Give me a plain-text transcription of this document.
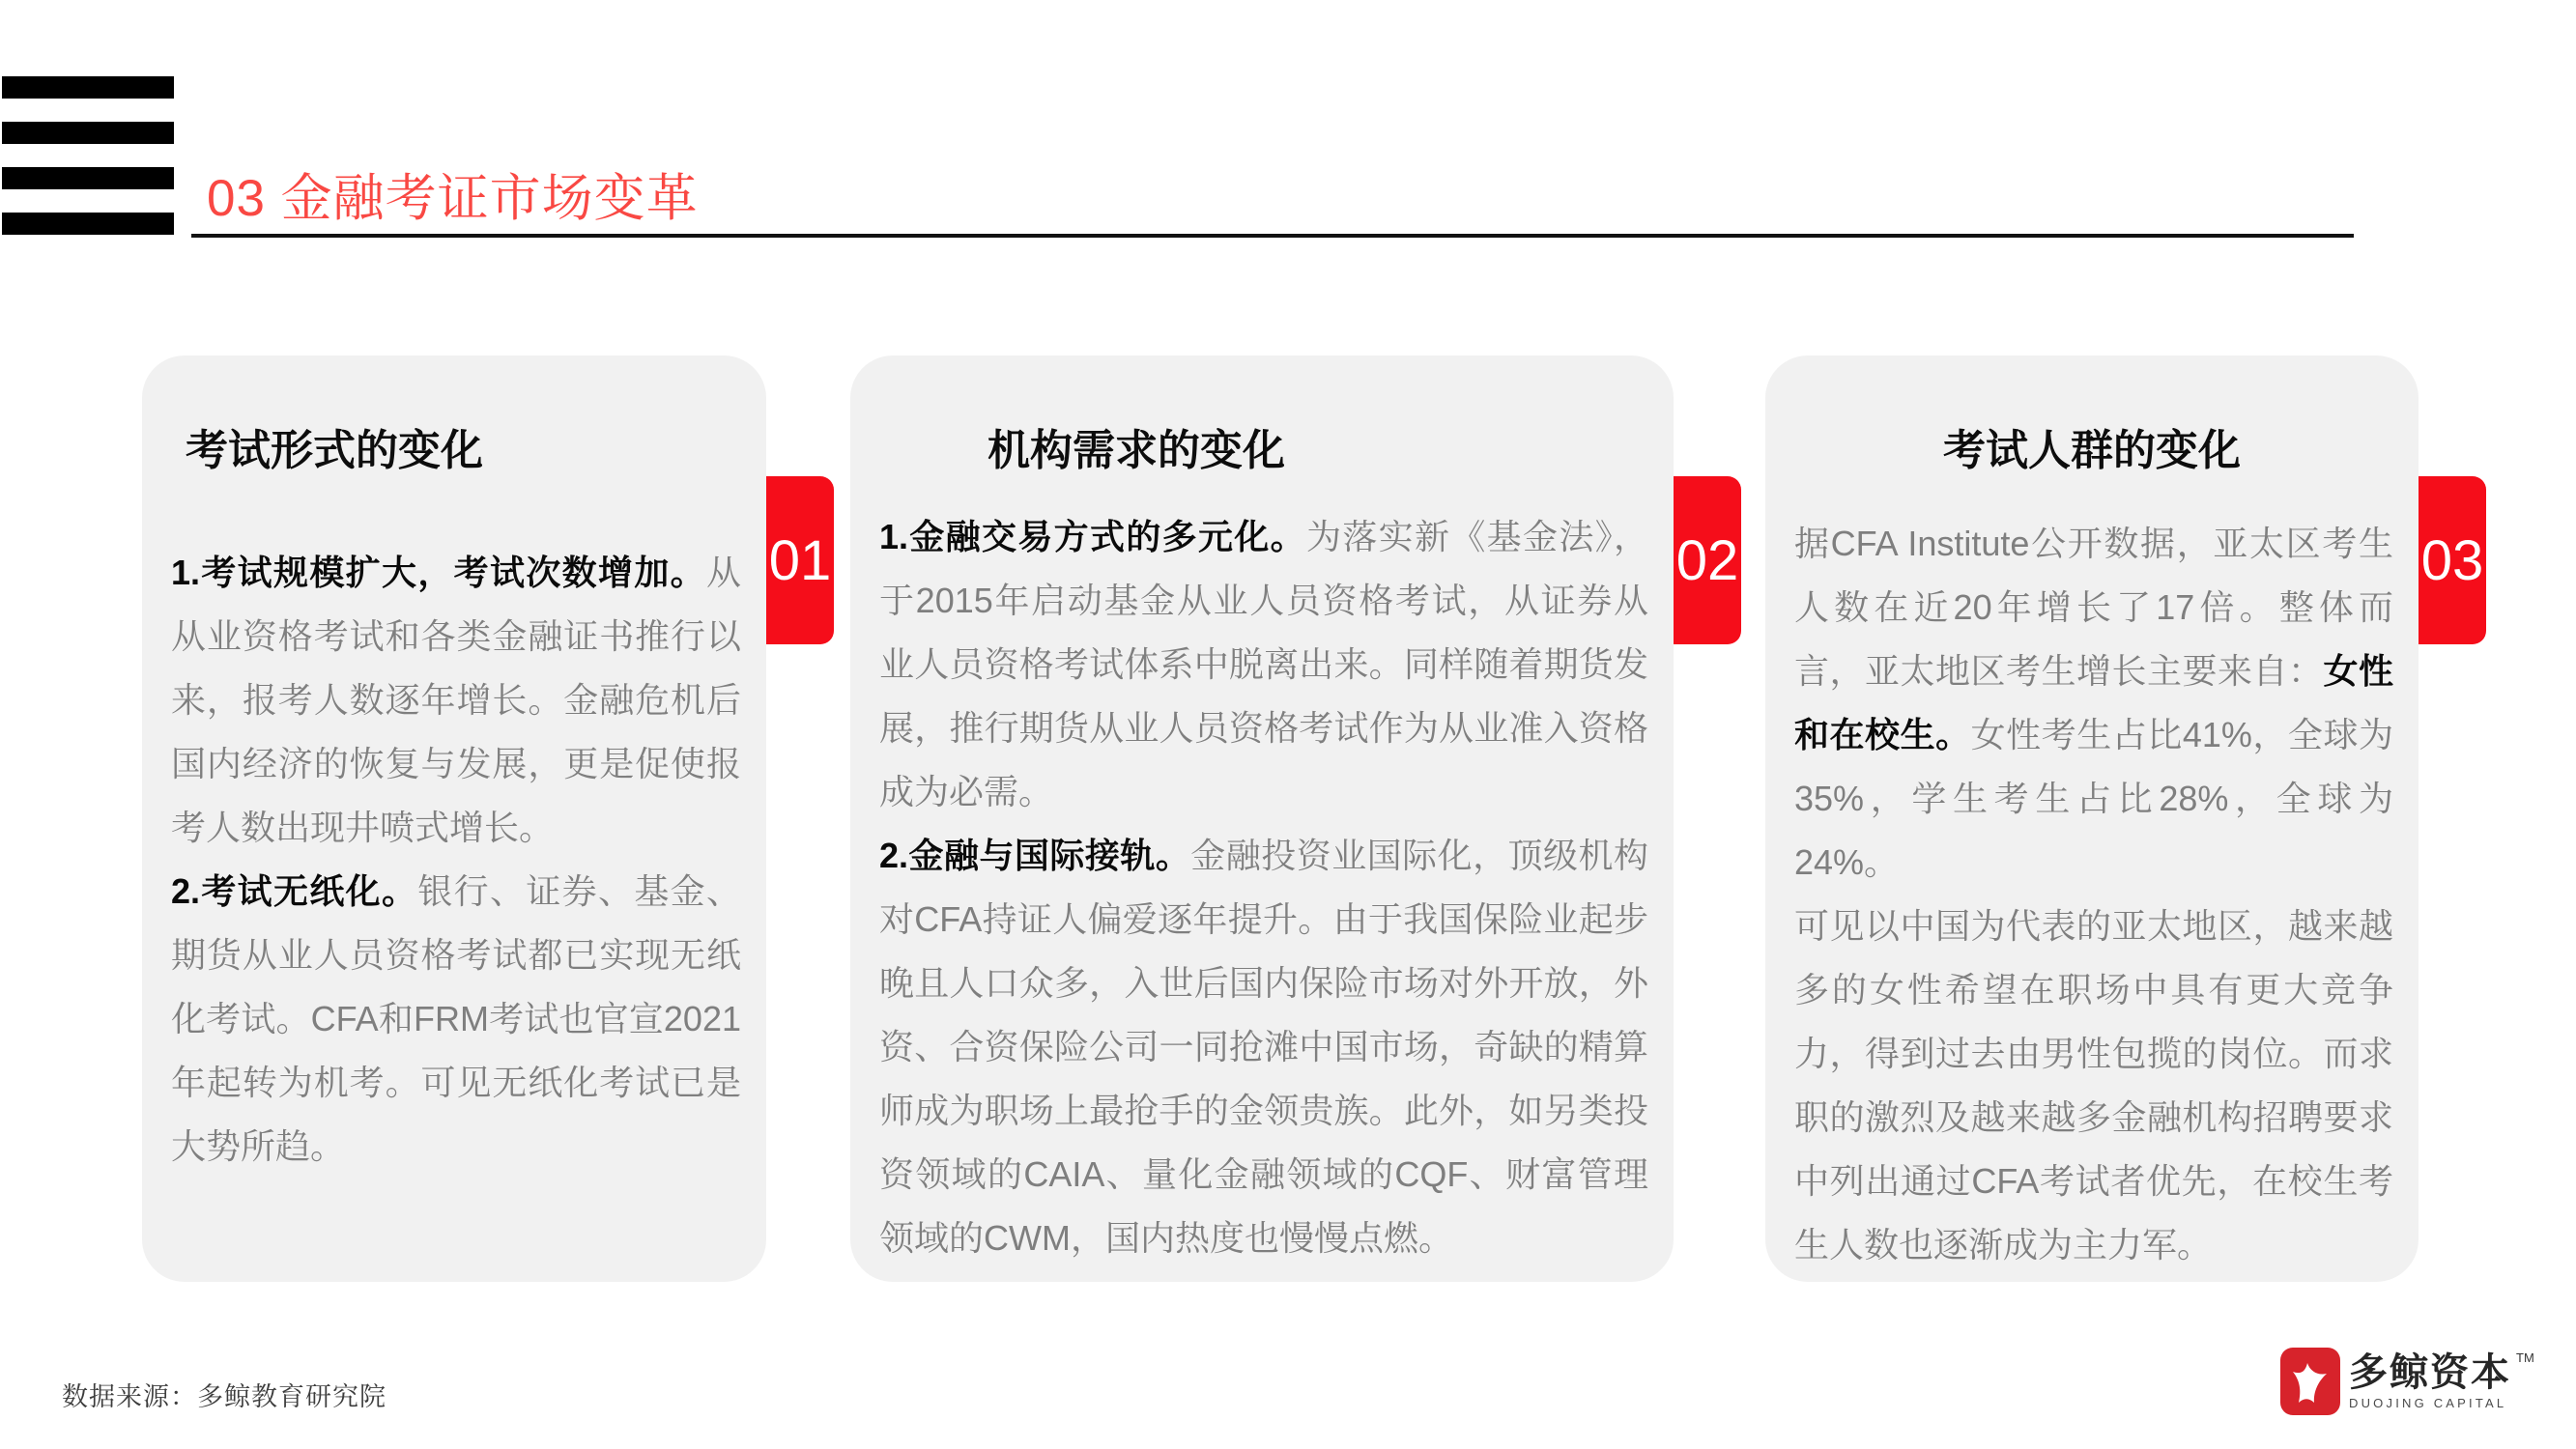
03 金融考证市场变革
考试形式的变化

1.考试规模扩大，考试次数增加。从从业资格考试和各类金融证书推行以来，报考人数逐年增长。金融危机后国内经济的恢复与发展，更是促使报考人数出现井喷式增长。

2.考试无纸化。银行、证券、基金、期货从业人员资格考试都已实现无纸化考试。CFA和FRM考试也官宣2021年起转为机考。可见无纸化考试已是大势所趋。

01
机构需求的变化

1.金融交易方式的多元化。为落实新《基金法》，于2015年启动基金从业人员资格考试，从证券从业人员资格考试体系中脱离出来。同样随着期货发展，推行期货从业人员资格考试作为从业准入资格成为必需。

2.金融与国际接轨。金融投资业国际化，顶级机构对CFA持证人偏爱逐年提升。由于我国保险业起步晚且人口众多，入世后国内保险市场对外开放，外资、合资保险公司一同抢滩中国市场，奇缺的精算师成为职场上最抢手的金领贵族。此外，如另类投资领域的CAIA、量化金融领域的CQF、财富管理领域的CWM，国内热度也慢慢点燃。

02
考试人群的变化

据CFA Institute公开数据，亚太区考生人数在近20年增长了17倍。整体而言，亚太地区考生增长主要来自：女性和在校生。女性考生占比41%，全球为35%，学生考生占比28%，全球为24%。

可见以中国为代表的亚太地区，越来越多的女性希望在职场中具有更大竞争力，得到过去由男性包揽的岗位。而求职的激烈及越来越多金融机构招聘要求中列出通过CFA考试者优先，在校生考生人数也逐渐成为主力军。

03
数据来源：多鲸教育研究院
多鲸资本 TM
DUOJING CAPITAL
